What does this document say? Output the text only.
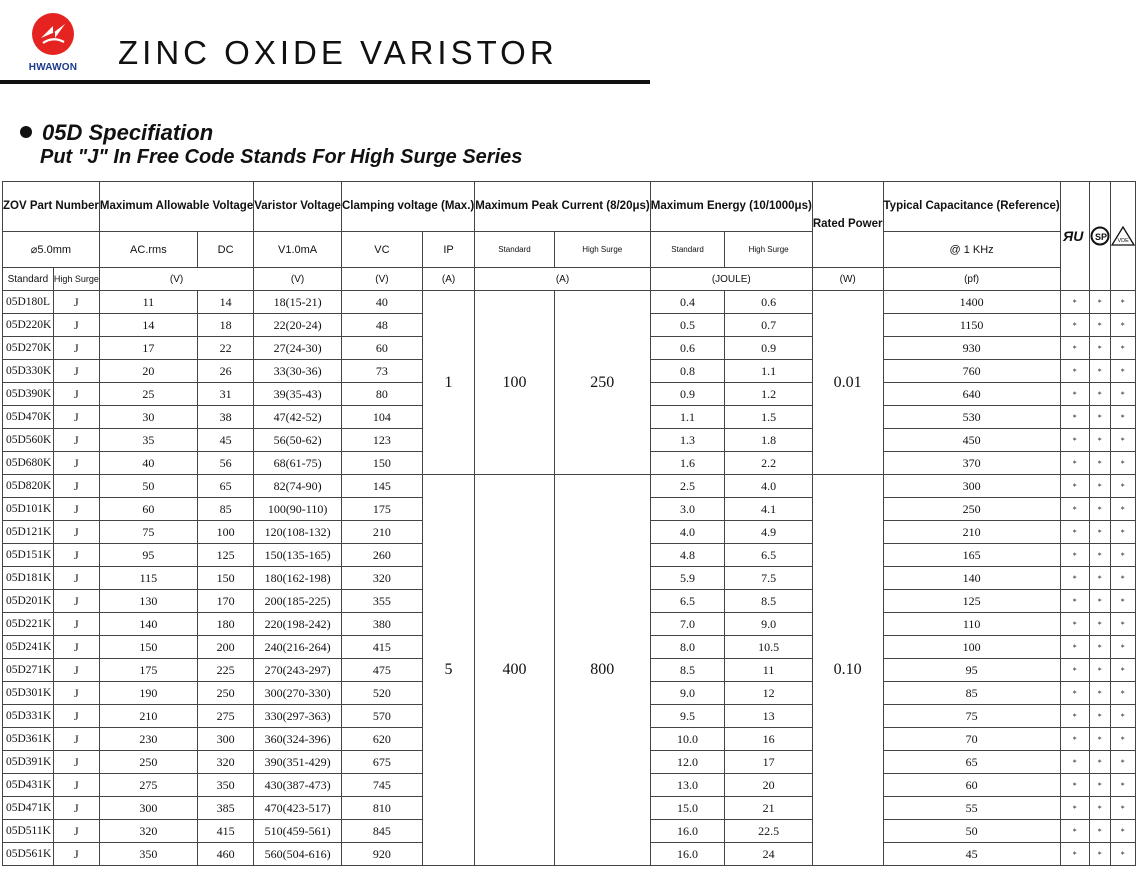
HWAWON ZINC OXIDE VARISTOR
05D Specifiation
Put "J" In Free Code Stands For High Surge Series
ZOV Part Number		Maximum Allowable Voltage		Varistor Voltage	Clamping voltage (Max.)		Maximum Peak Current (8/20μs)		Maximum Energy (10/1000μs)		Rated Power	Typical Capacitance (Reference)	ЯU	SP	VDE

⌀5.0mm		AC.rms	DC	V1.0mA	VC	IP	Standard	High Surge	Standard	High Surge		@ 1 KHz			
Standard	High Surge	(V)		(V)	(V)	(A)	(A)		(JOULE)		(W)	(pf)			
05D180L	J	11	14	18(15-21)	40	1	100	250	0.4	0.6	0.01	1400	*	*	*
05D220K	J	14	18	22(20-24)	48				0.5	0.7		1150	*	*	*
05D270K	J	17	22	27(24-30)	60				0.6	0.9		930	*	*	*
05D330K	J	20	26	33(30-36)	73				0.8	1.1		760	*	*	*
05D390K	J	25	31	39(35-43)	80				0.9	1.2		640	*	*	*
05D470K	J	30	38	47(42-52)	104				1.1	1.5		530	*	*	*
05D560K	J	35	45	56(50-62)	123				1.3	1.8		450	*	*	*
05D680K	J	40	56	68(61-75)	150				1.6	2.2		370	*	*	*
05D820K	J	50	65	82(74-90)	145	5	400	800	2.5	4.0	0.10	300	*	*	*
05D101K	J	60	85	100(90-110)	175				3.0	4.1		250	*	*	*
05D121K	J	75	100	120(108-132)	210				4.0	4.9		210	*	*	*
05D151K	J	95	125	150(135-165)	260				4.8	6.5		165	*	*	*
05D181K	J	115	150	180(162-198)	320				5.9	7.5		140	*	*	*
05D201K	J	130	170	200(185-225)	355				6.5	8.5		125	*	*	*
05D221K	J	140	180	220(198-242)	380				7.0	9.0		110	*	*	*
05D241K	J	150	200	240(216-264)	415				8.0	10.5		100	*	*	*
05D271K	J	175	225	270(243-297)	475				8.5	11		95	*	*	*
05D301K	J	190	250	300(270-330)	520				9.0	12		85	*	*	*
05D331K	J	210	275	330(297-363)	570				9.5	13		75	*	*	*
05D361K	J	230	300	360(324-396)	620				10.0	16		70	*	*	*
05D391K	J	250	320	390(351-429)	675				12.0	17		65	*	*	*
05D431K	J	275	350	430(387-473)	745				13.0	20		60	*	*	*
05D471K	J	300	385	470(423-517)	810				15.0	21		55	*	*	*
05D511K	J	320	415	510(459-561)	845				16.0	22.5		50	*	*	*
05D561K	J	350	460	560(504-616)	920				16.0	24		45	*	*	*
